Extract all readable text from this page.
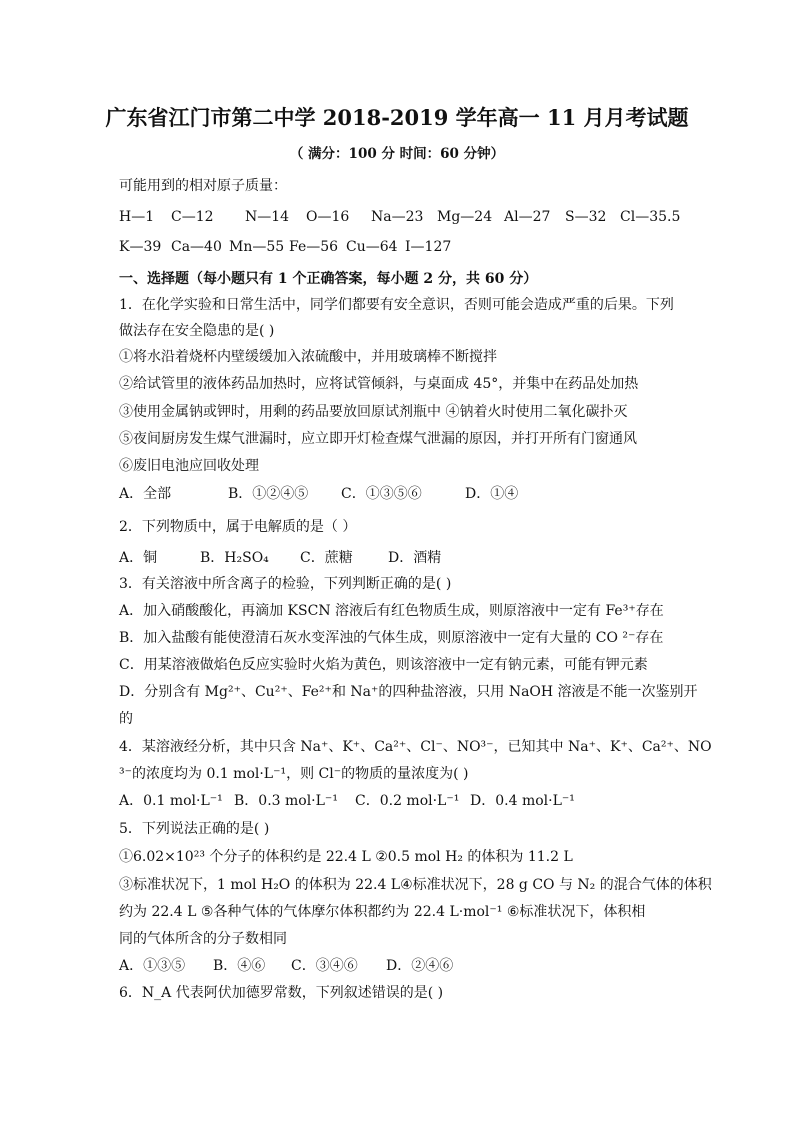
广东省江门市第二中学 2018-2019 学年高一 11 月月考试题
（ 满分：100 分 时间：60 分钟）
可能用到的相对原子质量：
H—1 C—12 N—14 O—16 Na—23 Mg—24 Al—27 S—32 Cl—35.5
K—39 Ca—40 Mn—55 Fe—56 Cu—64 I—127
一、选择题（每小题只有 1 个正确答案，每小题 2 分，共 60 分）
1．在化学实验和日常生活中，同学们都要有安全意识，否则可能会造成严重的后果。下列
做法存在安全隐患的是( )
①将水沿着烧杯内壁缓缓加入浓硫酸中，并用玻璃棒不断搅拌
②给试管里的液体药品加热时，应将试管倾斜，与桌面成 45°，并集中在药品处加热
③使用金属钠或钾时，用剩的药品要放回原试剂瓶中 ④钠着火时使用二氧化碳扑灭
⑤夜间厨房发生煤气泄漏时，应立即开灯检查煤气泄漏的原因，并打开所有门窗通风
⑥废旧电池应回收处理
A．全部	B．①②④⑤ C．①③⑤⑥	D．①④
2．下列物质中，属于电解质的是（ ）
A．铜	B．H₂SO₄ C．蔗糖	D．酒精
3．有关溶液中所含离子的检验，下列判断正确的是( )
A．加入硝酸酸化，再滴加 KSCN 溶液后有红色物质生成，则原溶液中一定有 Fe³⁺存在
B．加入盐酸有能使澄清石灰水变浑浊的气体生成，则原溶液中一定有大量的 CO ²⁻存在
C．用某溶液做焰色反应实验时火焰为黄色，则该溶液中一定有钠元素，可能有钾元素
D．分别含有 Mg²⁺、Cu²⁺、Fe²⁺和 Na⁺的四种盐溶液，只用 NaOH 溶液是不能一次鉴别开
的
4．某溶液经分析，其中只含 Na⁺、K⁺、Ca²⁺、Cl⁻、NO³⁻，已知其中 Na⁺、K⁺、Ca²⁺、NO
³⁻的浓度均为 0.1 mol·L⁻¹，则 Cl⁻的物质的量浓度为( )
A．0.1 mol·L⁻¹ B．0.3 mol·L⁻¹ C．0.2 mol·L⁻¹ D．0.4 mol·L⁻¹
5．下列说法正确的是( )
①6.02×10²³ 个分子的体积约是 22.4 L ②0.5 mol H₂ 的体积为 11.2 L
③标准状况下，1 mol H₂O 的体积为 22.4 L④标准状况下，28 g CO 与 N₂ 的混合气体的体积
约为 22.4 L ⑤各种气体的气体摩尔体积都约为 22.4 L·mol⁻¹ ⑥标准状况下，体积相
同的气体所含的分子数相同
A．①③⑤ B．④⑥ C．③④⑥ D．②④⑥
6．N_A 代表阿伏加德罗常数，下列叙述错误的是( )
